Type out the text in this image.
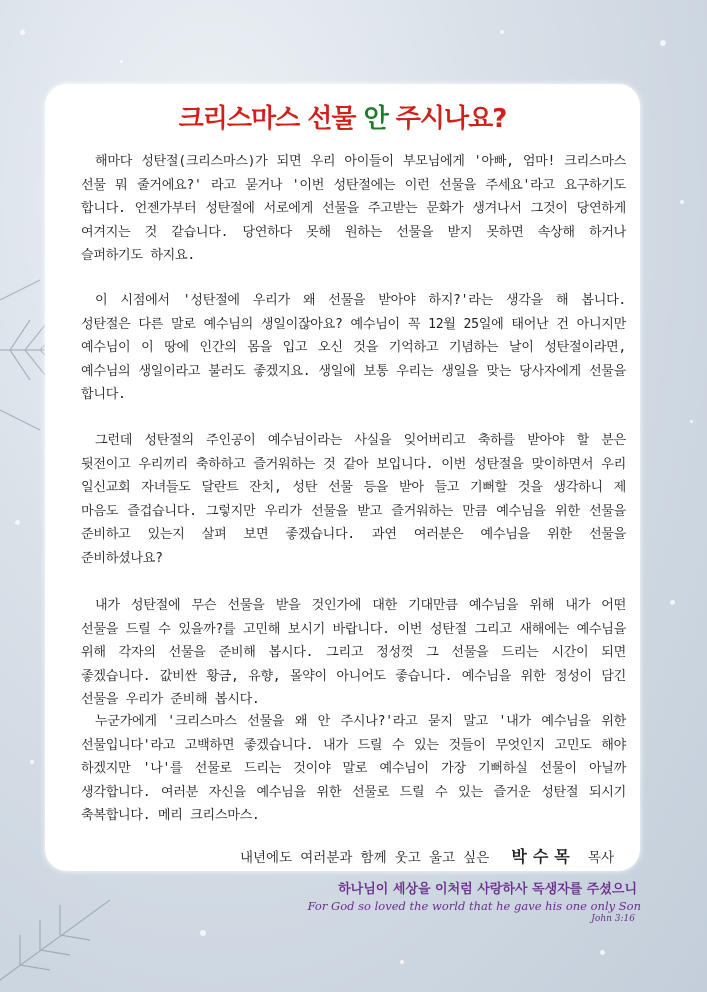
크리스마스 선물 안 주시나요?

해마다 성탄절(크리스마스)가 되면 우리 아이들이 부모님에게 '아빠, 엄마! 크리스마스 선물 뭐 줄거에요?' 라고 묻거나 '이번 성탄절에는 이런 선물을 주세요'라고 요구하기도 합니다. 언젠가부터 성탄절에 서로에게 선물을 주고받는 문화가 생겨나서 그것이 당연하게 여겨지는 것 같습니다. 당연하다 못해 원하는 선물을 받지 못하면 속상해 하거나 슬퍼하기도 하지요.

이 시점에서 '성탄절에 우리가 왜 선물을 받아야 하지?'라는 생각을 해 봅니다. 성탄절은 다른 말로 예수님의 생일이잖아요? 예수님이 꼭 12월 25일에 태어난 건 아니지만 예수님이 이 땅에 인간의 몸을 입고 오신 것을 기억하고 기념하는 날이 성탄절이라면, 예수님의 생일이라고 불러도 좋겠지요. 생일에 보통 우리는 생일을 맞는 당사자에게 선물을 합니다.

그런데 성탄절의 주인공이 예수님이라는 사실을 잊어버리고 축하를 받아야 할 분은 뒷전이고 우리끼리 축하하고 즐거워하는 것 같아 보입니다. 이번 성탄절을 맞이하면서 우리 일신교회 자녀들도 달란트 잔치, 성탄 선물 등을 받아 들고 기뻐할 것을 생각하니 제 마음도 즐겁습니다. 그렇지만 우리가 선물을 받고 즐거워하는 만큼 예수님을 위한 선물을 준비하고 있는지 살펴 보면 좋겠습니다. 과연 여러분은 예수님을 위한 선물을 준비하셨나요?

내가 성탄절에 무슨 선물을 받을 것인가에 대한 기대만큼 예수님을 위해 내가 어떤 선물을 드릴 수 있을까?를 고민해 보시기 바랍니다. 이번 성탄절 그리고 새해에는 예수님을 위해 각자의 선물을 준비해 봅시다. 그리고 정성껏 그 선물을 드리는 시간이 되면 좋겠습니다. 값비싼 황금, 유향, 몰약이 아니어도 좋습니다. 예수님을 위한 정성이 담긴 선물을 우리가 준비해 봅시다.

누군가에게 '크리스마스 선물을 왜 안 주시나?'라고 묻지 말고 '내가 예수님을 위한 선물입니다'라고 고백하면 좋겠습니다. 내가 드릴 수 있는 것들이 무엇인지 고민도 해야 하겠지만 '나'를 선물로 드리는 것이야 말로 예수님이 가장 기뻐하실 선물이 아닐까 생각합니다. 여러분 자신을 예수님을 위한 선물로 드릴 수 있는 즐거운 성탄절 되시기 축복합니다. 메리 크리스마스.

내년에도 여러분과 함께 웃고 울고 싶은 박수목 목사
하나님이 세상을 이처럼 사랑하사 독생자를 주셨으니
For God so loved the world that he gave his one only Son
John 3:16
